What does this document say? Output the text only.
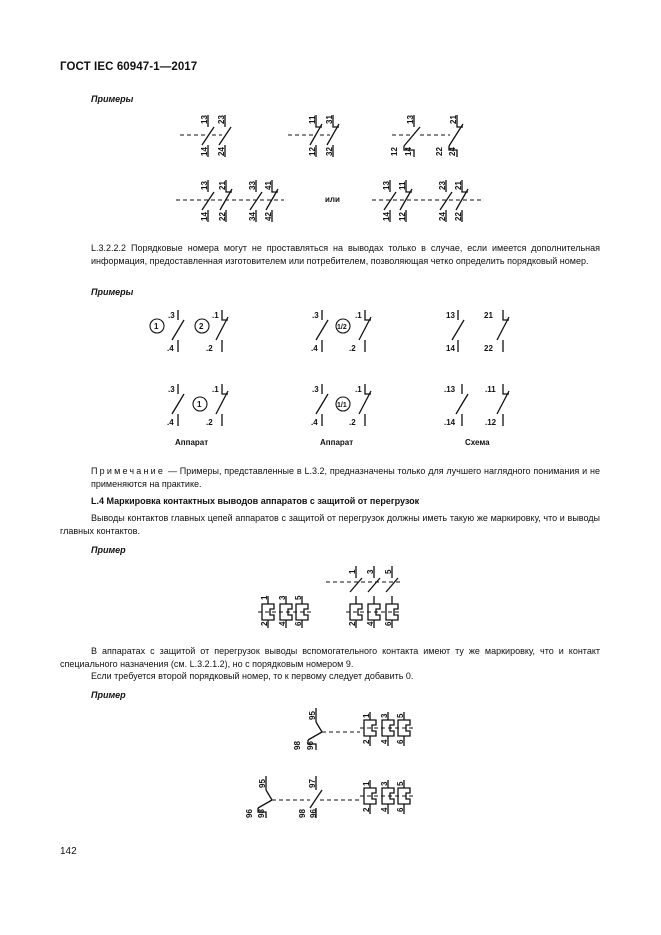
ГОСТ IEC 60947-1—2017
Примеры
13 23
14 24
11 31
12 32
13	21
12 14	22 24
13 21	33 41
14 22	34 42
или
13 11	23 21
14 12	24 22
L.3.2.2.2 Порядковые номера могут не проставляться на выводах только в случае, если имеется дополнительная информация, предоставленная изготовителем или потребителем, позволяющая четко определить порядковый номер.
Примеры
1
.3
.4
2
.1
.2
.3
.4
1/2
.1
.2
13
14
21
22
.3
.4
1
.1
.2
.3
.4
1/1
.1
.2
.13
.14
.11
.12
Аппарат	Аппарат	Схема
Примечание — Примеры, представленные в L.3.2, предназначены только для лучшего наглядного понимания и не применяются на практике.
L.4 Маркировка контактных выводов аппаратов с защитой от перегрузок
Выводы контактов главных цепей аппаратов с защитой от перегрузок должны иметь такую же маркировку, что и выводы главных контактов.
Пример
1 3 5
2 4 6
1 3 5
2 4 6
В аппаратах с защитой от перегрузок выводы вспомогательного контакта имеют ту же маркировку, что и контакт специального назначения (см. L.3.2.1.2), но с порядковым номером 9.
Если требуется второй порядковый номер, то к первому следует добавить 0.
Пример
95
98 96
1 3 5
2 4 6
95	97
96 98	98 96
1 3 5
2 4 6
142
